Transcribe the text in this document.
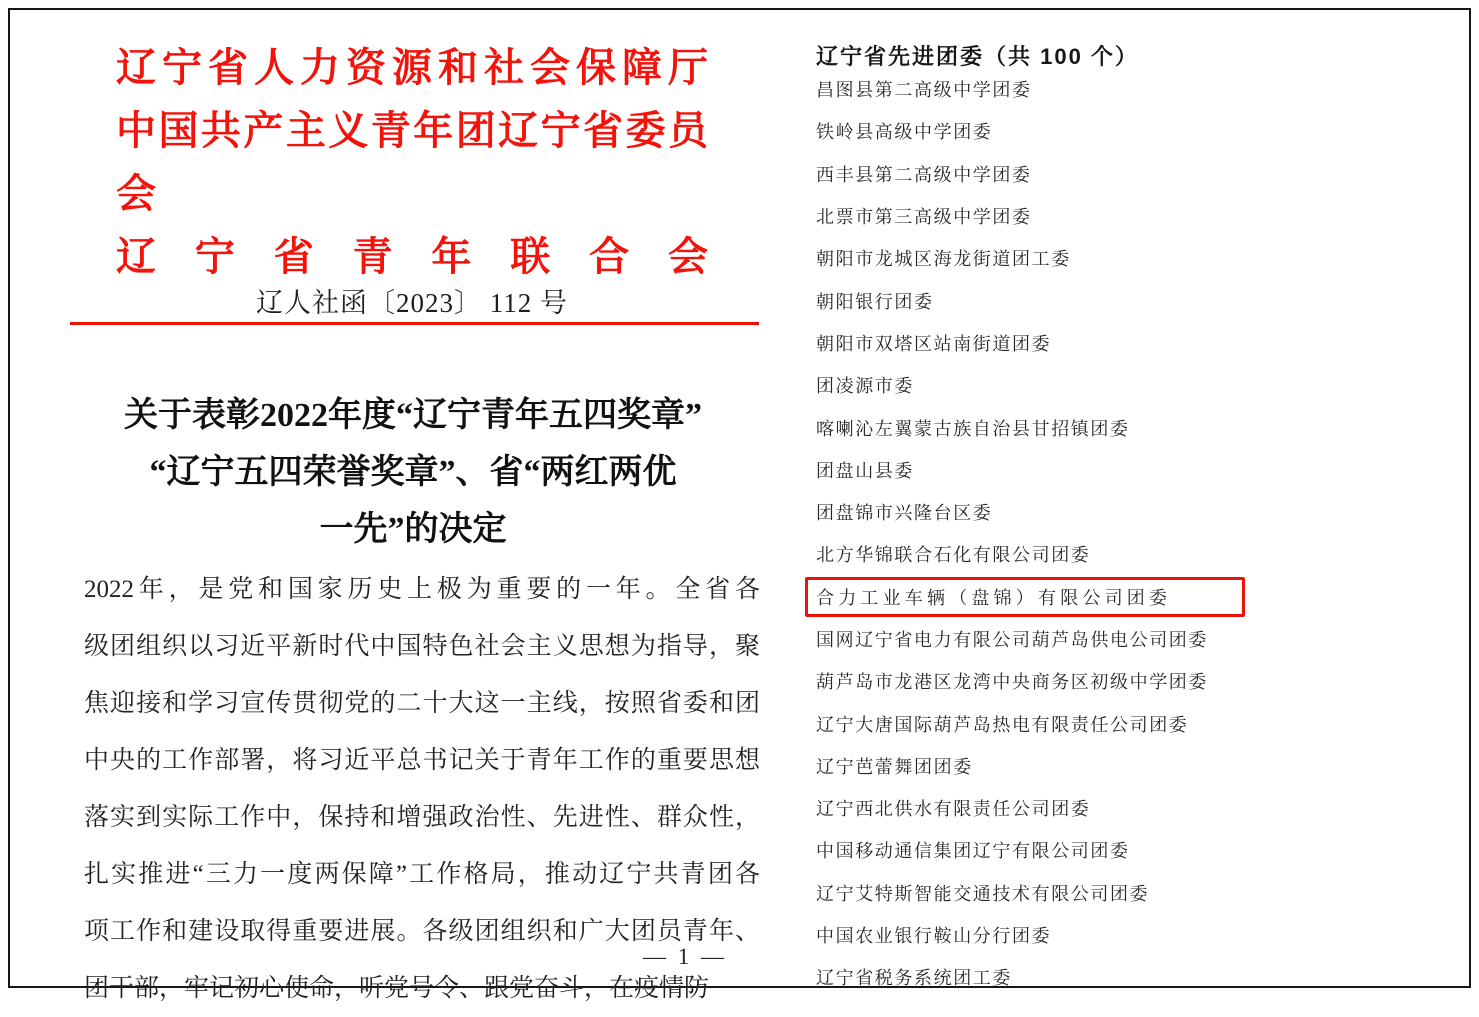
辽宁省人力资源和社会保障厅
中国共产主义青年团辽宁省委员会
辽宁省青年联合会
辽人社函〔2023〕 112 号
关于表彰2022年度“辽宁青年五四奖章”
“辽宁五四荣誉奖章”、省“两红两优
一先”的决定
2022年，是党和国家历史上极为重要的一年。全省各
级团组织以习近平新时代中国特色社会主义思想为指导，聚
焦迎接和学习宣传贯彻党的二十大这一主线，按照省委和团
中央的工作部署，将习近平总书记关于青年工作的重要思想
落实到实际工作中，保持和增强政治性、先进性、群众性，
扎实推进“三力一度两保障”工作格局，推动辽宁共青团各
项工作和建设取得重要进展。各级团组织和广大团员青年、
团干部，牢记初心使命，听党号令、跟党奋斗，在疫情防
— 1 —
辽宁省先进团委（共 100 个）
昌图县第二高级中学团委
铁岭县高级中学团委
西丰县第二高级中学团委
北票市第三高级中学团委
朝阳市龙城区海龙街道团工委
朝阳银行团委
朝阳市双塔区站南街道团委
团凌源市委
喀喇沁左翼蒙古族自治县甘招镇团委
团盘山县委
团盘锦市兴隆台区委
北方华锦联合石化有限公司团委
合力工业车辆（盘锦）有限公司团委
国网辽宁省电力有限公司葫芦岛供电公司团委
葫芦岛市龙港区龙湾中央商务区初级中学团委
辽宁大唐国际葫芦岛热电有限责任公司团委
辽宁芭蕾舞团团委
辽宁西北供水有限责任公司团委
中国移动通信集团辽宁有限公司团委
辽宁艾特斯智能交通技术有限公司团委
中国农业银行鞍山分行团委
辽宁省税务系统团工委
